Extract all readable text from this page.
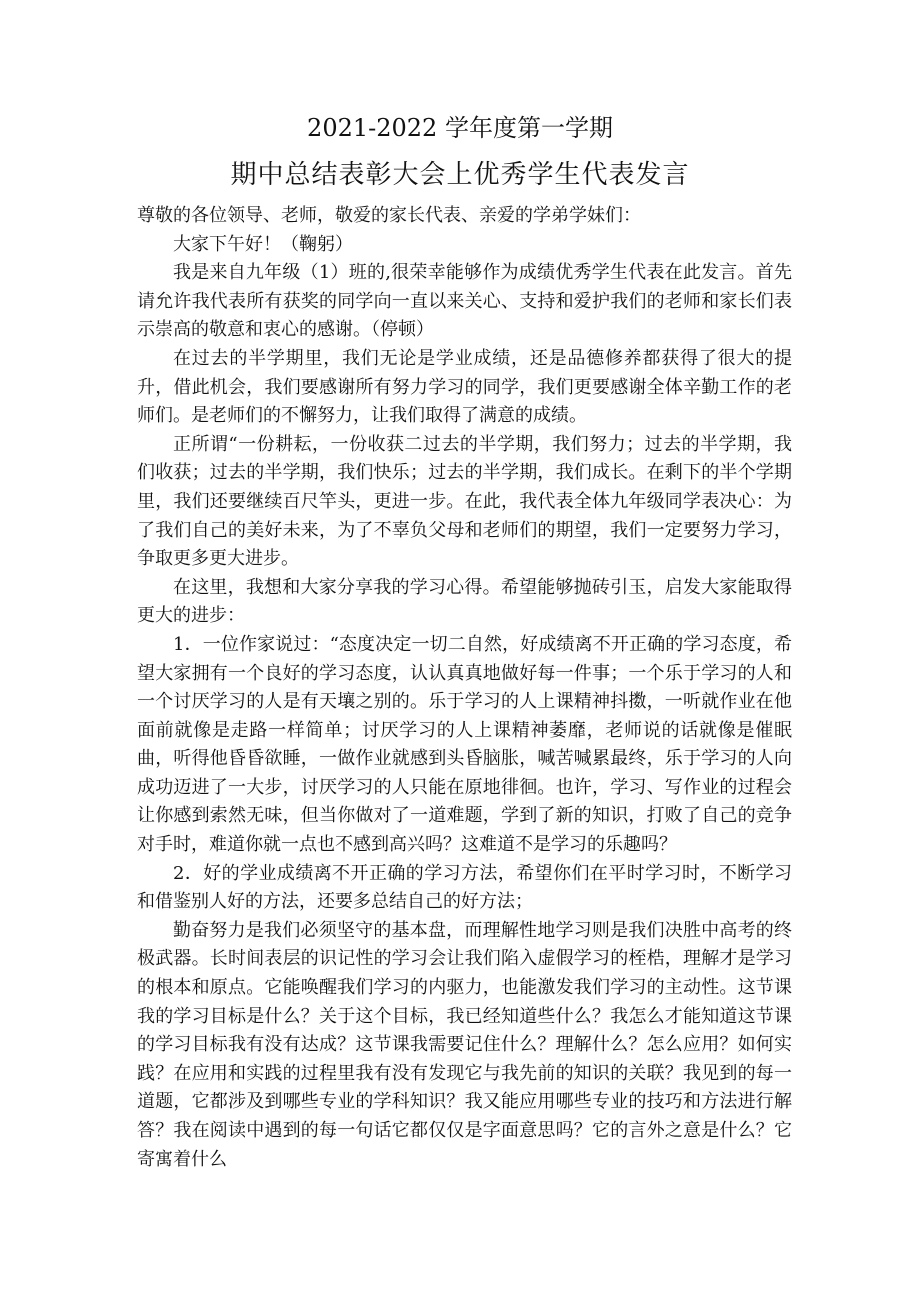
2021-2022 学年度第一学期
期中总结表彰大会上优秀学生代表发言

尊敬的各位领导、老师，敬爱的家长代表、亲爱的学弟学妹们：

大家下午好！（鞠躬）

我是来自九年级（1）班的,很荣幸能够作为成绩优秀学生代表在此发言。首先请允许我代表所有获奖的同学向一直以来关心、支持和爱护我们的老师和家长们表示崇高的敬意和衷心的感谢。（停顿）

在过去的半学期里，我们无论是学业成绩，还是品德修养都获得了很大的提升，借此机会，我们要感谢所有努力学习的同学，我们更要感谢全体辛勤工作的老师们。是老师们的不懈努力，让我们取得了满意的成绩。

正所谓“一份耕耘，一份收获二过去的半学期，我们努力；过去的半学期，我们收获；过去的半学期，我们快乐；过去的半学期，我们成长。在剩下的半个学期里，我们还要继续百尺竿头，更进一步。在此，我代表全体九年级同学表决心：为了我们自己的美好未来，为了不辜负父母和老师们的期望，我们一定要努力学习，争取更多更大进步。

在这里，我想和大家分享我的学习心得。希望能够抛砖引玉，启发大家能取得更大的进步：

1．一位作家说过：“态度决定一切二自然，好成绩离不开正确的学习态度，希望大家拥有一个良好的学习态度，认认真真地做好每一件事；一个乐于学习的人和一个讨厌学习的人是有天壤之别的。乐于学习的人上课精神抖擞，一听就作业在他面前就像是走路一样简单；讨厌学习的人上课精神萎靡，老师说的话就像是催眠曲，听得他昏昏欲睡，一做作业就感到头昏脑胀，喊苦喊累最终，乐于学习的人向成功迈进了一大步，讨厌学习的人只能在原地徘徊。也许，学习、写作业的过程会让你感到索然无味，但当你做对了一道难题，学到了新的知识，打败了自己的竞争对手时，难道你就一点也不感到高兴吗？这难道不是学习的乐趣吗？

2．好的学业成绩离不开正确的学习方法，希望你们在平时学习时，不断学习和借鉴别人好的方法，还要多总结自己的好方法；

勤奋努力是我们必须坚守的基本盘，而理解性地学习则是我们决胜中高考的终极武器。长时间表层的识记性的学习会让我们陷入虚假学习的桎梏，理解才是学习的根本和原点。它能唤醒我们学习的内驱力，也能激发我们学习的主动性。这节课我的学习目标是什么？关于这个目标，我已经知道些什么？我怎么才能知道这节课的学习目标我有没有达成？这节课我需要记住什么？理解什么？怎么应用？如何实践？在应用和实践的过程里我有没有发现它与我先前的知识的关联？我见到的每一道题，它都涉及到哪些专业的学科知识？我又能应用哪些专业的技巧和方法进行解答？我在阅读中遇到的每一句话它都仅仅是字面意思吗？它的言外之意是什么？它寄寓着什么
